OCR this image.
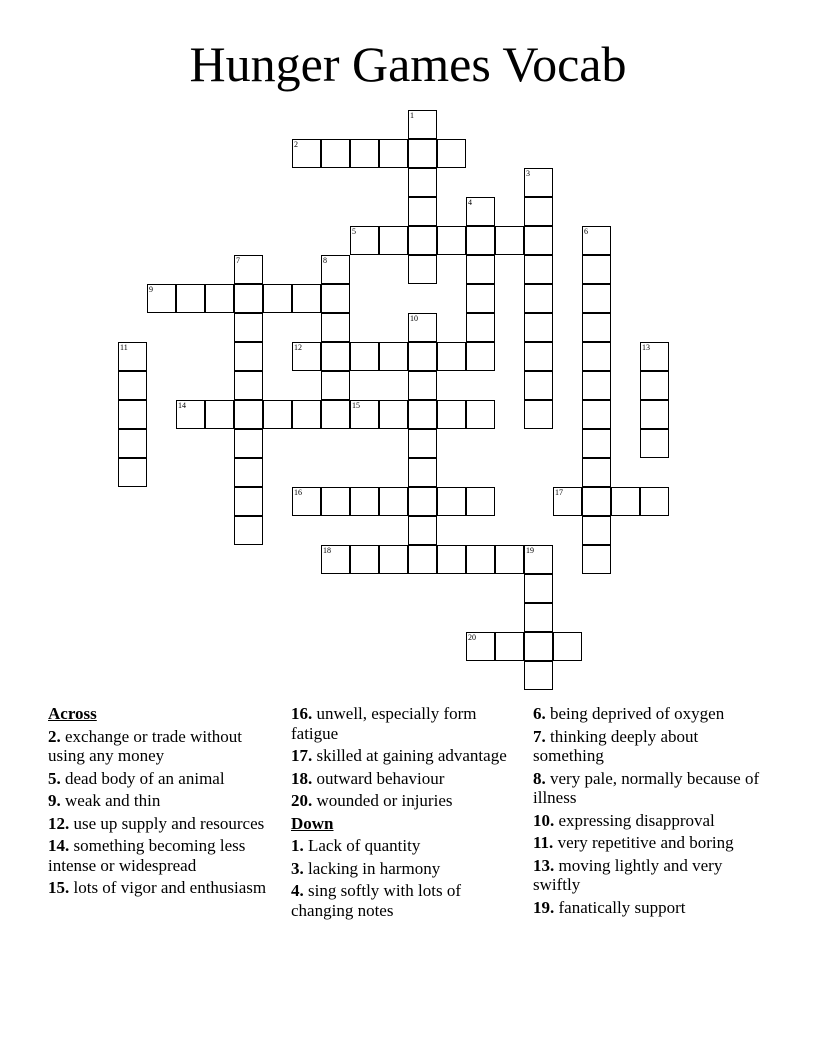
Hunger Games Vocab
1
2
3
4
5	6
7	8
9
10
11	12	13
14	15
16	17
18	19
20
Across
2. exchange or trade without using any money
5. dead body of an animal
9. weak and thin
12. use up supply and resources
14. something becoming less intense or widespread
15. lots of vigor and enthusiasm
16. unwell, especially form fatigue
17. skilled at gaining advantage
18. outward behaviour
20. wounded or injuries
Down
1. Lack of quantity
3. lacking in harmony
4. sing softly with lots of changing notes
6. being deprived of oxygen
7. thinking deeply about something
8. very pale, normally because of illness
10. expressing disapproval
11. very repetitive and boring
13. moving lightly and very swiftly
19. fanatically support
